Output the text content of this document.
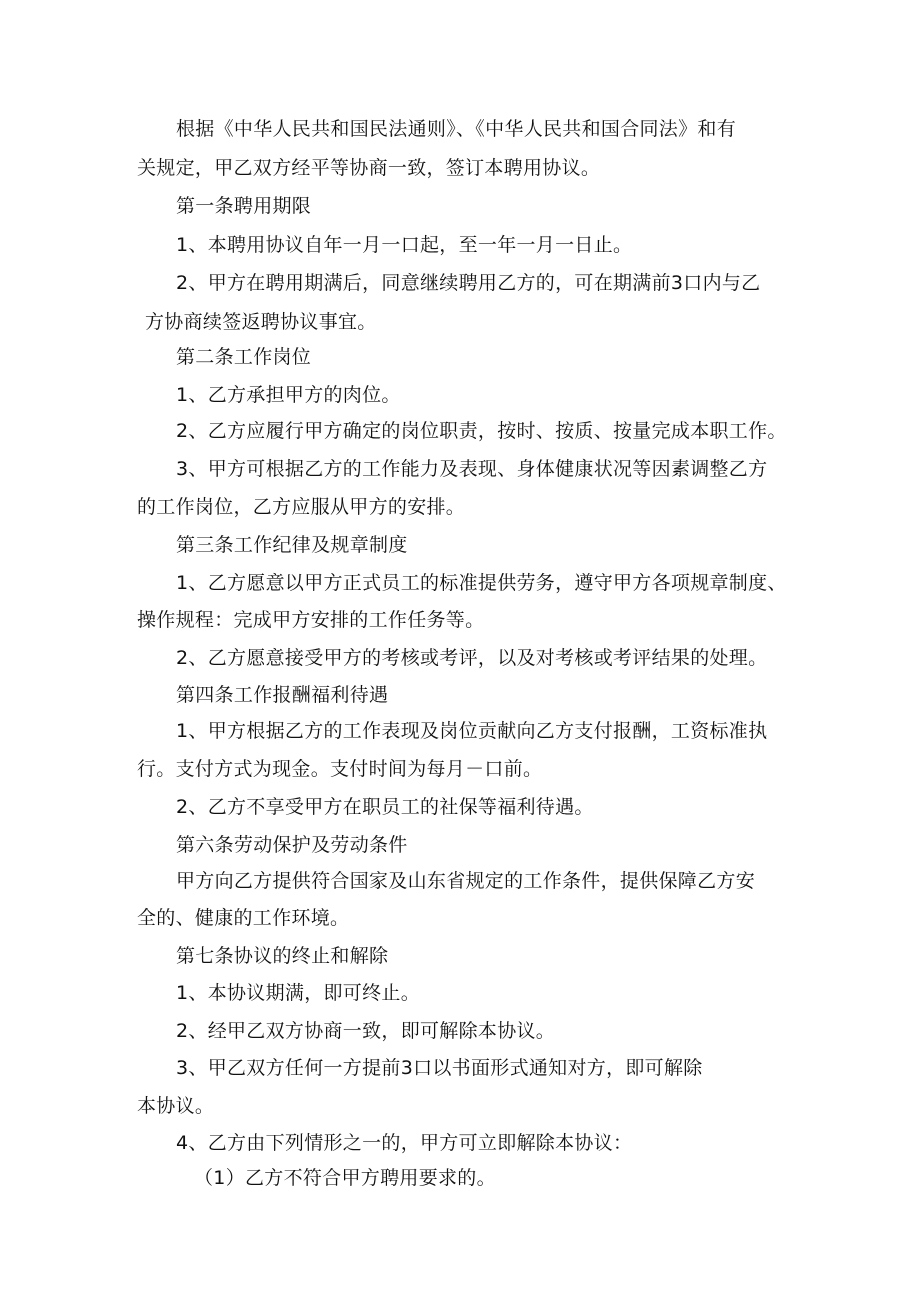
根据《中华人民共和国民法通则》、《中华人民共和国合同法》和有
关规定，甲乙双方经平等协商一致，签订本聘用协议。
第一条聘用期限
1、本聘用协议自年一月一口起，至一年一月一日止。
2、甲方在聘用期满后，同意继续聘用乙方的，可在期满前3口内与乙
方协商续签返聘协议事宜。
第二条工作岗位
1、乙方承担甲方的肉位。
2、乙方应履行甲方确定的岗位职责，按时、按质、按量完成本职工作。
3、甲方可根据乙方的工作能力及表现、身体健康状况等因素调整乙方
的工作岗位，乙方应服从甲方的安排。
第三条工作纪律及规章制度
1、乙方愿意以甲方正式员工的标准提供劳务，遵守甲方各项规章制度、
操作规程：完成甲方安排的工作任务等。
2、乙方愿意接受甲方的考核或考评，以及对考核或考评结果的处理。
第四条工作报酬福利待遇
1、甲方根据乙方的工作表现及岗位贡献向乙方支付报酬，工资标准执
行。支付方式为现金。支付时间为每月－口前。
2、乙方不享受甲方在职员工的社保等福利待遇。
第六条劳动保护及劳动条件
甲方向乙方提供符合国家及山东省规定的工作条件，提供保障乙方安
全的、健康的工作环境。
第七条协议的终止和解除
1、本协议期满，即可终止。
2、经甲乙双方协商一致，即可解除本协议。
3、甲乙双方任何一方提前3口以书面形式通知对方，即可解除
本协议。
4、乙方由下列情形之一的，甲方可立即解除本协议：
（1）乙方不符合甲方聘用要求的。
